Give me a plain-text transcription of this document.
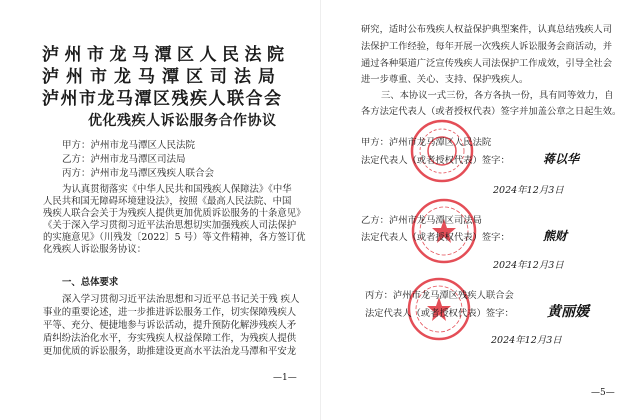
泸州市龙马潭区人民法院
泸州市龙马潭区司法局
泸州市龙马潭区残疾人联合会
优化残疾人诉讼服务合作协议
甲方：泸州市龙马潭区人民法院
乙方：泸州市龙马潭区司法局
丙方：泸州市龙马潭区残疾人联合会
为认真贯彻落实《中华人民共和国残疾人保障法》《中华
人民共和国无障碍环境建设法》，按照《最高人民法院、中国
残疾人联合会关于为残疾人提供更加优质诉讼服务的十条意见》
《关于深入学习贯彻习近平法治思想切实加强残疾人司法保护
的实施意见》（川残发〔2022〕5 号）等文件精神，各方签订优
化残疾人诉讼服务协议：
一、总体要求
深入学习贯彻习近平法治思想和习近平总书记关于残 疾人
事业的重要论述，进一步推进诉讼服务工作，切实保障残疾人
平等、充分、便捷地参与诉讼活动，提升预防化解涉残疾人矛
盾纠纷法治化水平，夯实残疾人权益保障工作，为残疾人提供
更加优质的诉讼服务，助推建设更高水平法治龙马潭和平安龙
—1—
研究，适时公布残疾人权益保护典型案件，认真总结残疾人司
法保护工作经验，每年开展一次残疾人诉讼服务会商活动，并
通过各种渠道广泛宣传残疾人司法保护工作成效，引导全社会
进一步尊重、关心、支持、保护残疾人。
三、本协议一式三份，各方各执一份，具有同等效力，自
各方法定代表人（或者授权代表）签字并加盖公章之日起生效。
甲方：泸州市龙马潭区人民法院
法定代表人（或者授权代表）签字：	蒋以华
2024年12月3日
乙方：泸州市龙马潭区司法局
法定代表人（或者授权代表）签字：	熊财
2024年12月3日
丙方：泸州市龙马潭区残疾人联合会
法定代表人（或者授权代表）签字： 黄丽媛
2024年12月3日
—5—
